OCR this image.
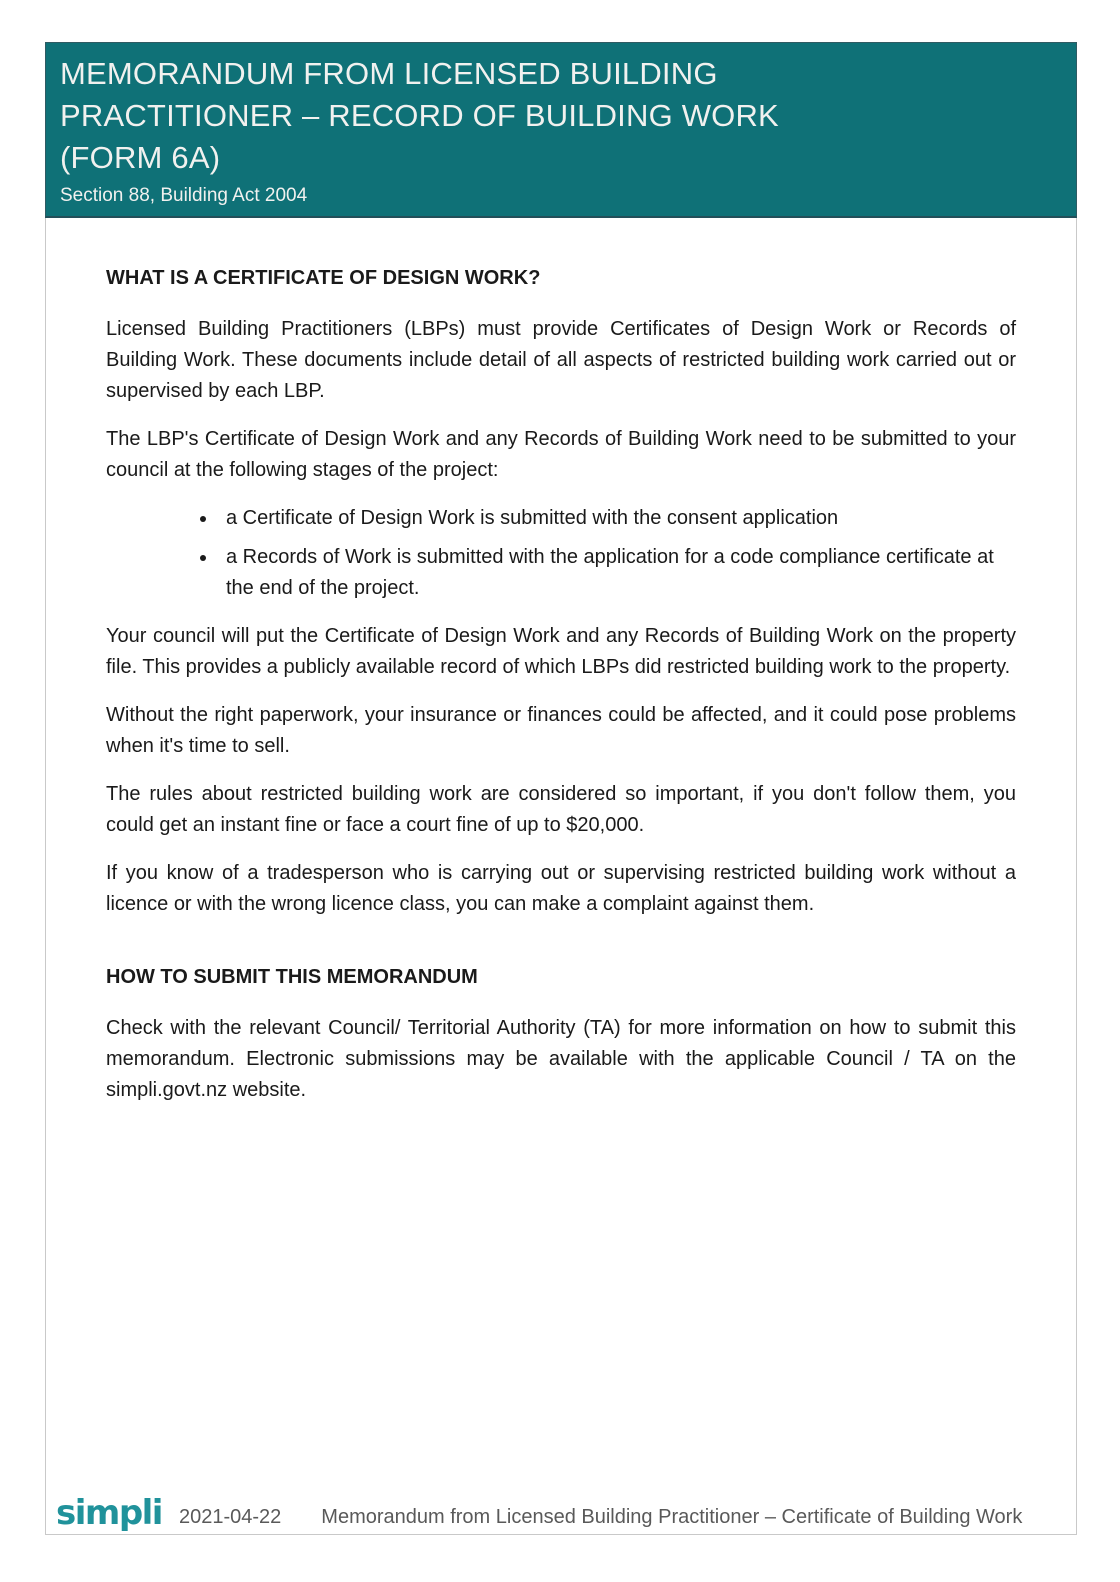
MEMORANDUM FROM LICENSED BUILDING
PRACTITIONER – RECORD OF BUILDING WORK
(FORM 6A)
Section 88, Building Act 2004
WHAT IS A CERTIFICATE OF DESIGN WORK?

Licensed Building Practitioners (LBPs) must provide Certificates of Design Work or Records of Building Work. These documents include detail of all aspects of restricted building work carried out or supervised by each LBP.

The LBP's Certificate of Design Work and any Records of Building Work need to be submitted to your council at the following stages of the project:

• a Certificate of Design Work is submitted with the consent application
• a Records of Work is submitted with the application for a code compliance certificate at the end of the project.

Your council will put the Certificate of Design Work and any Records of Building Work on the property file. This provides a publicly available record of which LBPs did restricted building work to the property.

Without the right paperwork, your insurance or finances could be affected, and it could pose problems when it's time to sell.

The rules about restricted building work are considered so important, if you don't follow them, you could get an instant fine or face a court fine of up to $20,000.

If you know of a tradesperson who is carrying out or supervising restricted building work without a licence or with the wrong licence class, you can make a complaint against them.

HOW TO SUBMIT THIS MEMORANDUM

Check with the relevant Council/ Territorial Authority (TA) for more information on how to submit this memorandum. Electronic submissions may be available with the applicable Council / TA on the simpli.govt.nz website.

simpli 2021-04-22 Memorandum from Licensed Building Practitioner – Certificate of Building Work
